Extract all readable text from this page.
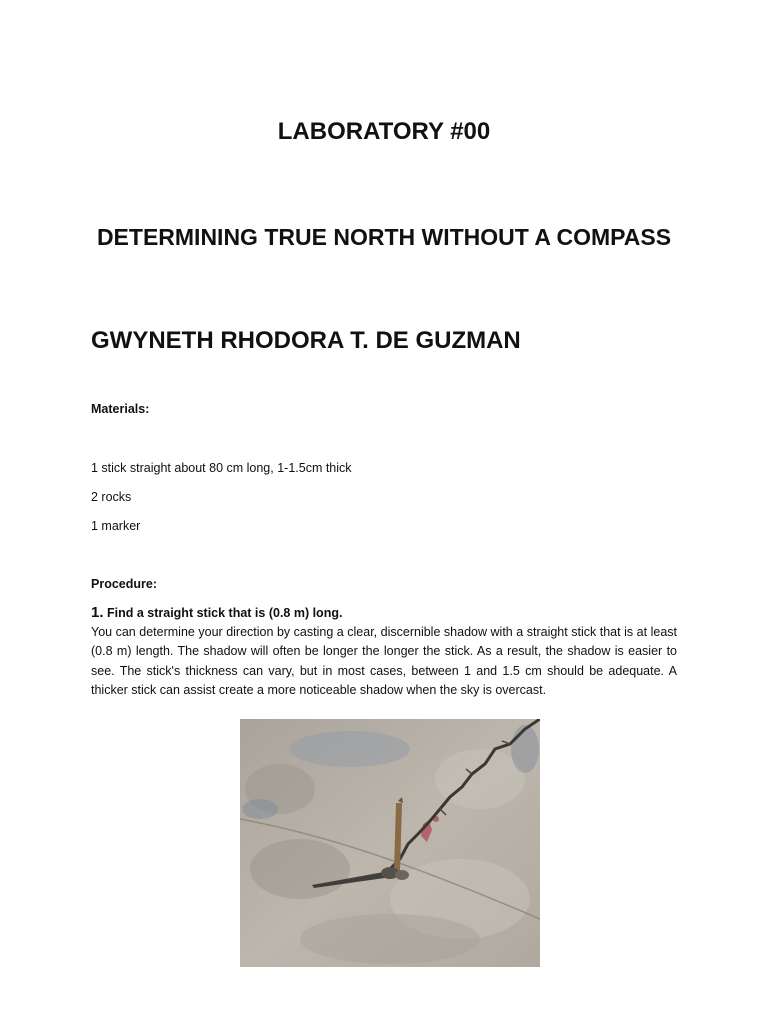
LABORATORY #00
DETERMINING TRUE NORTH WITHOUT A COMPASS
GWYNETH RHODORA T. DE GUZMAN
Materials:
1 stick straight about 80 cm long, 1-1.5cm thick
2 rocks
1 marker
Procedure:
1. Find a straight stick that is (0.8 m) long.
You can determine your direction by casting a clear, discernible shadow with a straight stick that is at least (0.8 m) length. The shadow will often be longer the longer the stick. As a result, the shadow is easier to see. The stick's thickness can vary, but in most cases, between 1 and 1.5 cm should be adequate. A thicker stick can assist create a more noticeable shadow when the sky is overcast.
